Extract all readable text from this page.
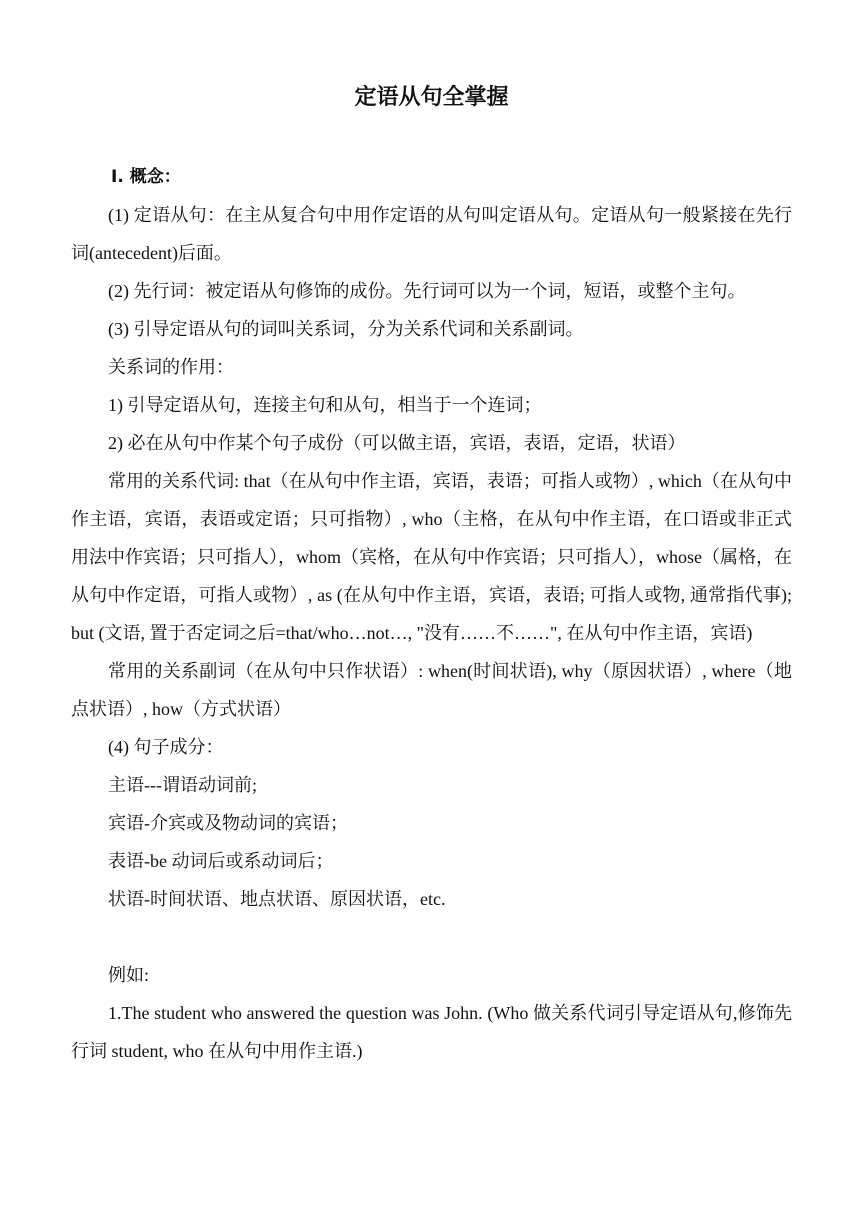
定语从句全掌握

Ⅰ. 概念：

(1) 定语从句：在主从复合句中用作定语的从句叫定语从句。定语从句一般紧接在先行词(antecedent)后面。

(2) 先行词：被定语从句修饰的成份。先行词可以为一个词，短语，或整个主句。

(3) 引导定语从句的词叫关系词，分为关系代词和关系副词。

关系词的作用：

1) 引导定语从句，连接主句和从句，相当于一个连词；

2) 必在从句中作某个句子成份（可以做主语，宾语，表语，定语，状语）

常用的关系代词: that（在从句中作主语，宾语，表语；可指人或物）, which（在从句中作主语，宾语，表语或定语；只可指物）, who（主格，在从句中作主语，在口语或非正式用法中作宾语；只可指人），whom（宾格，在从句中作宾语；只可指人），whose（属格，在从句中作定语，可指人或物）, as (在从句中作主语，宾语，表语; 可指人或物, 通常指代事); but (文语, 置于否定词之后=that/who…not…, "没有……不……", 在从句中作主语，宾语)

常用的关系副词（在从句中只作状语）: when(时间状语), why（原因状语）, where（地点状语）, how（方式状语）

(4) 句子成分：

主语---谓语动词前;

宾语-介宾或及物动词的宾语；

表语-be 动词后或系动词后；

状语-时间状语、地点状语、原因状语，etc.

例如:

1.The student who answered the question was John. (Who 做关系代词引导定语从句,修饰先行词 student, who 在从句中用作主语.)
